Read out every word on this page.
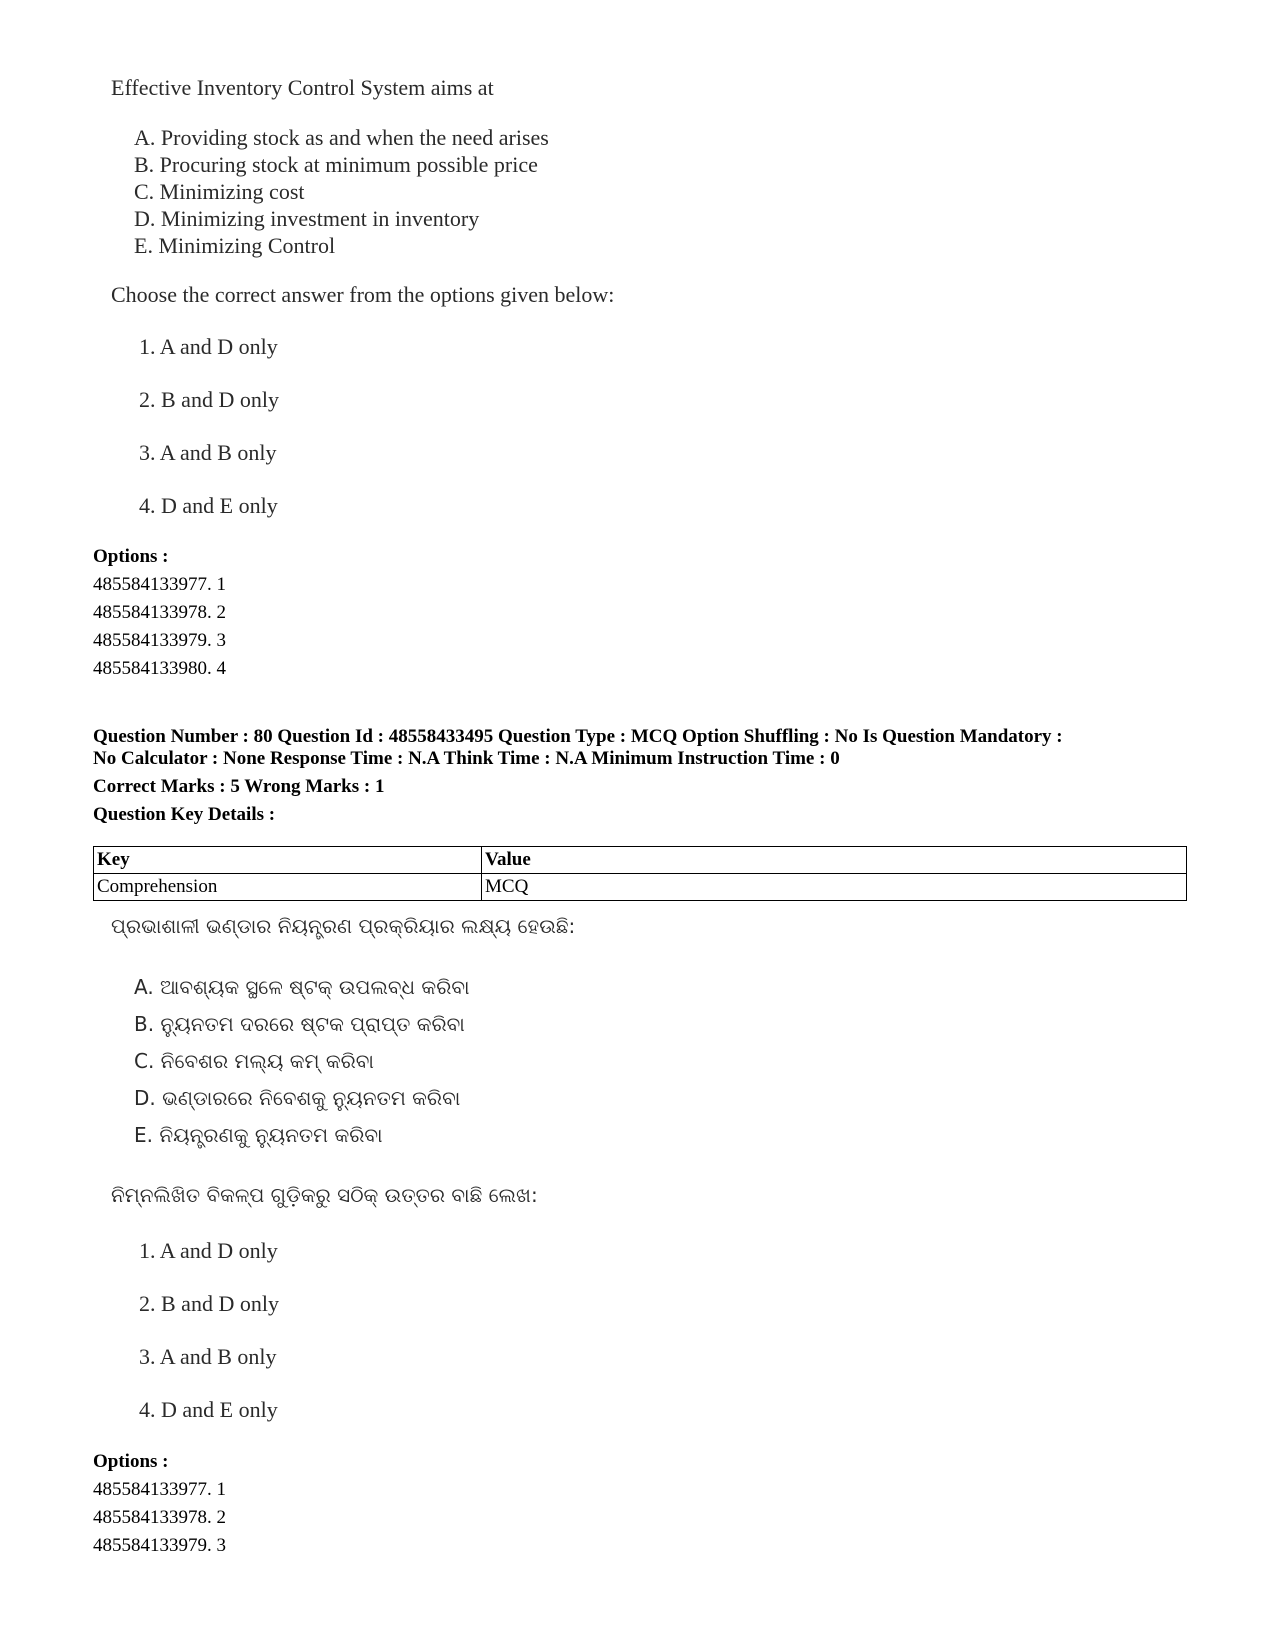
Effective Inventory Control System aims at
A. Providing stock as and when the need arises
B. Procuring stock at minimum possible price
C. Minimizing cost
D. Minimizing investment in inventory
E. Minimizing Control
Choose the correct answer from the options given below:
1. A and D only
2. B and D only
3. A and B only
4. D and E only
Options :
485584133977. 1
485584133978. 2
485584133979. 3
485584133980. 4
Question Number : 80 Question Id : 48558433495 Question Type : MCQ Option Shuffling : No Is Question Mandatory :
No Calculator : None Response Time : N.A Think Time : N.A Minimum Instruction Time : 0
Correct Marks : 5 Wrong Marks : 1
Question Key Details :
Key	Value
Comprehension	MCQ
ପ୍ରଭାଶାଳୀ ଭଣ୍ଡାର ନିୟନ୍ତ୍ରଣ ପ୍ରକ୍ରିୟାର ଲକ୍ଷ୍ୟ ହେଉଛି:
A. ଆବଶ୍ୟକ ସ୍ଥଳେ ଷ୍ଟକ୍ ଉପଲବ୍ଧ କରିବା
B. ନ୍ୟୁନତମ ଦରରେ ଷ୍ଟକ ପ୍ରାପ୍ତ କରିବା
C. ନିବେଶର ମଲ୍ୟ କମ୍ କରିବା
D. ଭଣ୍ଡାରରେ ନିବେଶକୁ ନ୍ୟୁନତମ କରିବା
E. ନିୟନ୍ତ୍ରଣକୁ ନ୍ୟୁନତମ କରିବା
ନିମ୍ନଲିଖିତ ବିକଳ୍ପ ଗୁଡ଼ିକରୁ ସଠିକ୍ ଉତ୍ତର ବାଛି ଲେଖ:
1. A and D only
2. B and D only
3. A and B only
4. D and E only
Options :
485584133977. 1
485584133978. 2
485584133979. 3
